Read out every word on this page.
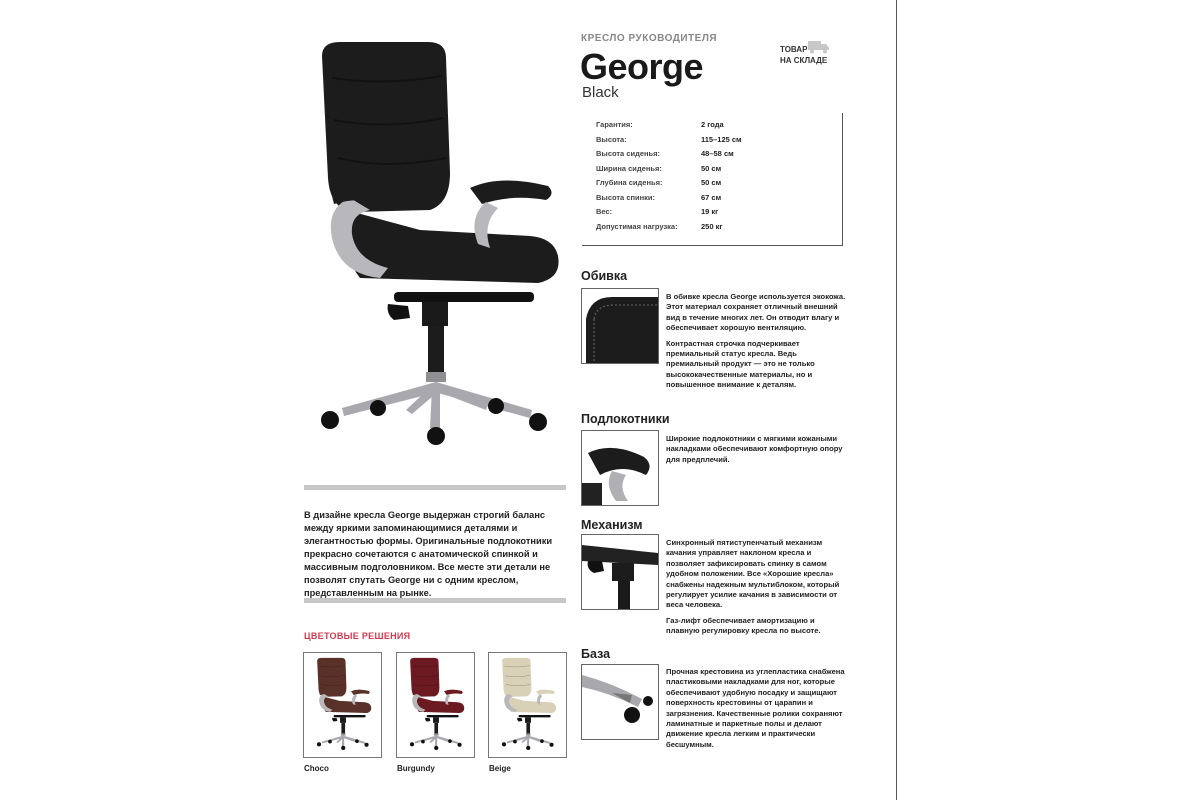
КРЕСЛО РУКОВОДИТЕЛЯ
George
Black
ТОВАР
НА СКЛАДЕ
Гарантия:	2 года
Высота:	115–125 см
Высота сиденья:	48–58 см
Ширина сиденья:	50 см
Глубина сиденья:	50 см
Высота спинки:	67 см
Вес:	19 кг
Допустимая нагрузка:	250 кг
Обивка

В обивке кресла George используется экокожа. Этот материал сохраняет отличный внешний вид в течение многих лет. Он отводит влагу и обеспечивает хорошую вентиляцию.

Контрастная строчка подчеркивает премиальный статус кресла. Ведь премиальный продукт — это не только высококачественные материалы, но и повышенное внимание к деталям.

Подлокотники

Широкие подлокотники с мягкими кожаными накладками обеспечивают комфортную опору для предплечий.

Механизм

Синхронный пятиступенчатый механизм качания управляет наклоном кресла и позволяет зафиксировать спинку в самом удобном положении. Все «Хорошие кресла» снабжены надежным мультиблоком, который регулирует усилие качания в зависимости от веса человека.

Газ-лифт обеспечивает амортизацию и плавную регулировку кресла по высоте.

База

Прочная крестовина из углепластика снабжена пластиковыми накладками для ног, которые обеспечивают удобную посадку и защищают поверхность крестовины от царапин и загрязнения. Качественные ролики сохраняют ламинатные и паркетные полы и делают движение кресла легким и практически бесшумным.

В дизайне кресла George выдержан строгий баланс между яркими запоминающимися деталями и элегантностью формы. Оригинальные подлокотники прекрасно сочетаются с анатомической спинкой и массивным подголовником. Все месте эти детали не позволят спутать George ни с одним креслом, представленным на рынке.
ЦВЕТОВЫЕ РЕШЕНИЯ
Choco	Burgundy	Beige
